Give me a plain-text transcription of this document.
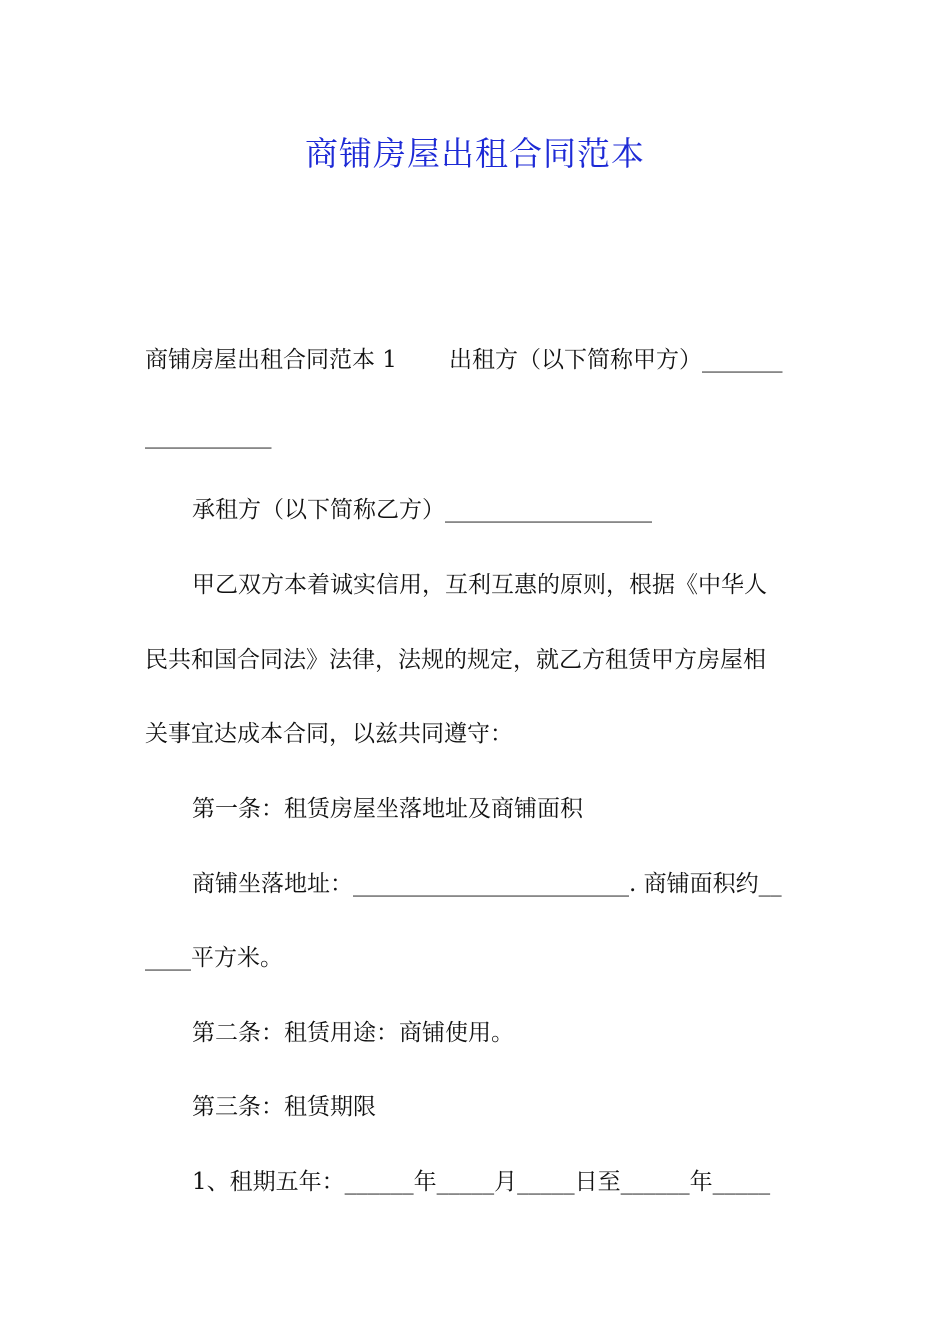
商铺房屋出租合同范本
商铺房屋出租合同范本 1 出租方（以下简称甲方）_______
___________
承租方（以下简称乙方）__________________
甲乙双方本着诚实信用，互利互惠的原则，根据《中华人
民共和国合同法》法律，法规的规定，就乙方租赁甲方房屋相
关事宜达成本合同，以兹共同遵守：
第一条：租赁房屋坐落地址及商铺面积
商铺坐落地址：________________________. 商铺面积约__
____平方米。
第二条：租赁用途：商铺使用。
第三条：租赁期限
1、租期五年：______年_____月_____日至______年_____
